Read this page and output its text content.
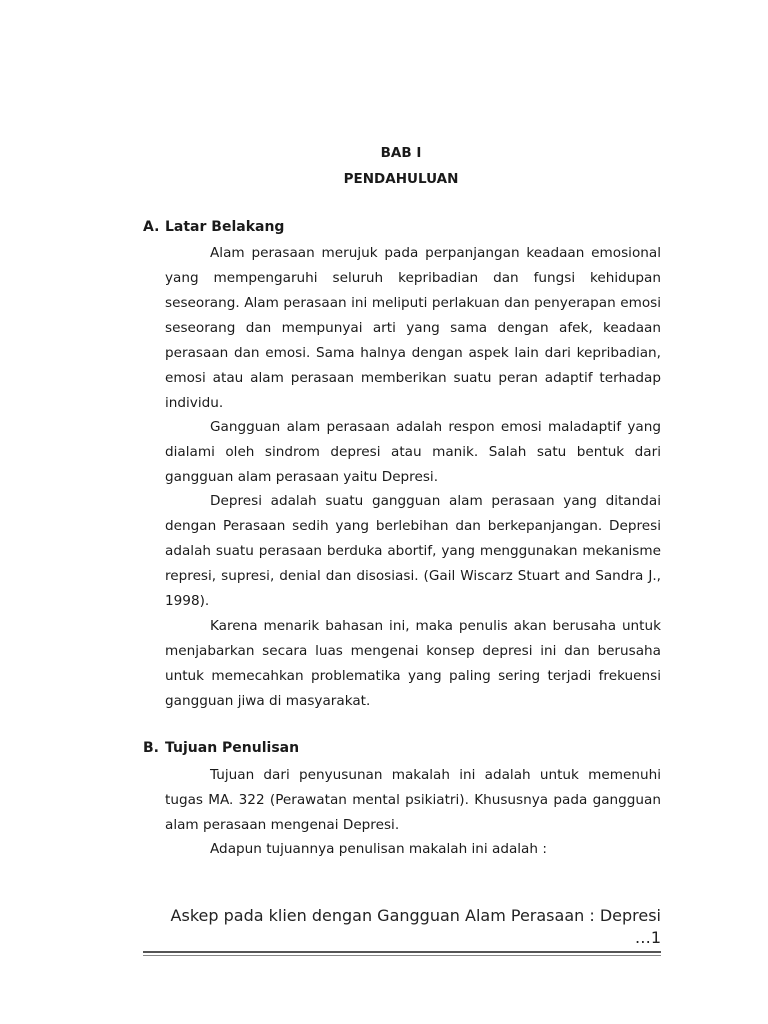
BAB I
PENDAHULUAN
A. Latar Belakang

Alam perasaan merujuk pada perpanjangan keadaan emosional yang mempengaruhi seluruh kepribadian dan fungsi kehidupan seseorang. Alam perasaan ini meliputi perlakuan dan penyerapan emosi seseorang dan mempunyai arti yang sama dengan afek, keadaan perasaan dan emosi. Sama halnya dengan aspek lain dari kepribadian, emosi atau alam perasaan memberikan suatu peran adaptif terhadap individu.

Gangguan alam perasaan adalah respon emosi maladaptif yang dialami oleh sindrom depresi atau manik. Salah satu bentuk dari gangguan alam perasaan yaitu Depresi.

Depresi adalah suatu gangguan alam perasaan yang ditandai dengan Perasaan sedih yang berlebihan dan berkepanjangan. Depresi adalah suatu perasaan berduka abortif, yang menggunakan mekanisme represi, supresi, denial dan disosiasi. (Gail Wiscarz Stuart and Sandra J., 1998).

Karena menarik bahasan ini, maka penulis akan berusaha untuk menjabarkan secara luas mengenai konsep depresi ini dan berusaha untuk memecahkan problematika yang paling sering terjadi frekuensi gangguan jiwa di masyarakat.

B. Tujuan Penulisan

Tujuan dari penyusunan makalah ini adalah untuk memenuhi tugas MA. 322 (Perawatan mental psikiatri). Khususnya pada gangguan alam perasaan mengenai Depresi.

Adapun tujuannya penulisan makalah ini adalah :

Askep pada klien dengan Gangguan Alam Perasaan : Depresi
…1
